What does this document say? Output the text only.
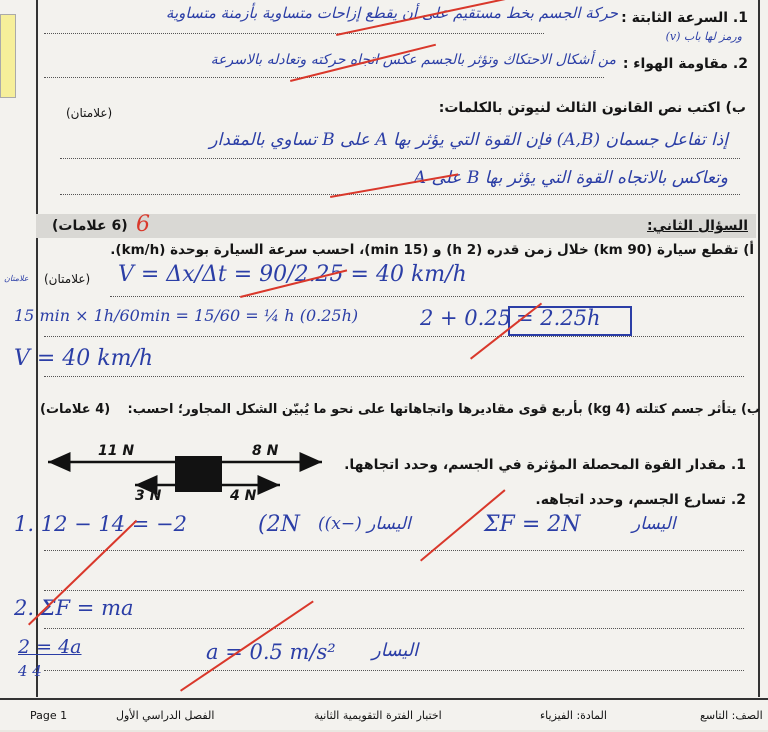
1. السرعة الثابتة :
حركة الجسم بخط مستقيم على أن يقطع إزاحات متساوية بأزمنة متساوية
ورمز لها باب (v)
2. مقاومة الهواء :
من أشكال الاحتكاك وتؤثر بالجسم عكس اتجاه حركته وتعادله بالاسرعة
ب) اكتب نص القانون الثالث لنيوتن بالكلمات:
(علامتان)
إذا تفاعل جسمان (A,B) فإن القوة التي يؤثر بها A على B تساوي بالمقدار
وتعاكس بالاتجاه القوة التي يؤثر بها B على A
السؤال الثاني:
(6 علامات) 6
أ) تقطع سيارة (90 km) خلال زمن قدره (2 h) و (15 min)، احسب سرعة السيارة بوحدة (km/h).
(علامتان) V = Δx/Δt = 90/2.25 = 40 km/h
15 min × 1h/60min = 15/60 = ¼ h (0.25h)	2 + 0.25 = 2.25h
V = 40 km/h
ب) يتأثر جسم كتلته (4 kg) بأربع قوى مقاديرها واتجاهاتها على نحو ما يُبيّن الشكل المجاور؛ احسب:
(4 علامات)
11 N	8 N
3 N	4 N
1. مقدار القوة المحصلة المؤثرة في الجسم، وحدد اتجاهها.
2. تسارع الجسم، وحدد اتجاهه.
1. 12 − 14 = −2	(2N اليسار (−x))	ΣF = 2N	اليسار
2. ΣF = ma
2 = 4a
4 4
a = 0.5 m/s² اليسار
علامتان
Page 1	الفصل الدراسي الأول	اختبار الفترة التقويمية الثانية	المادة: الفيزياء	الصف: التاسع
